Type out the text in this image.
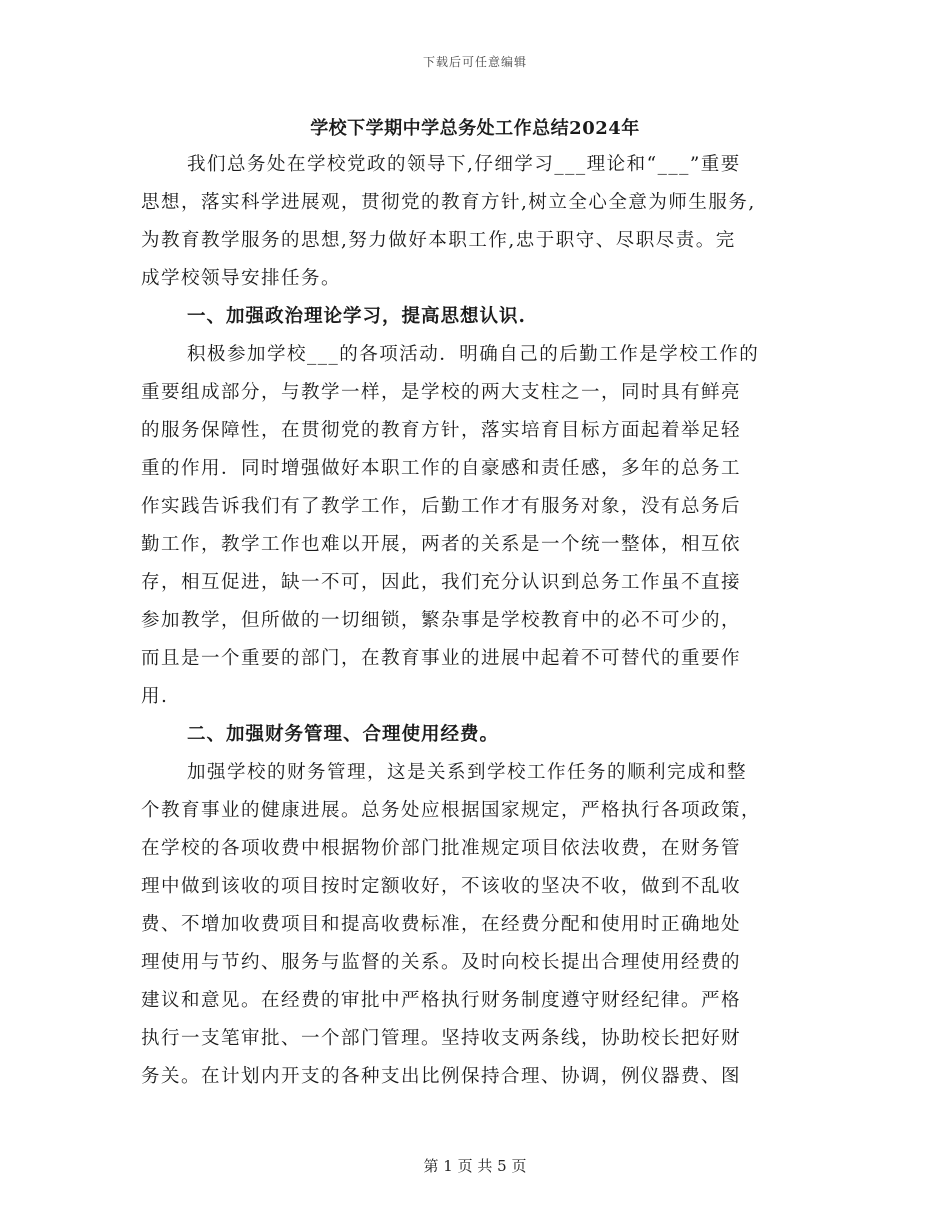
下载后可任意编辑
学校下学期中学总务处工作总结2024年
我们总务处在学校党政的领导下,仔细学习___理论和“___”重要
思想，落实科学进展观，贯彻党的教育方针,树立全心全意为师生服务,
为教育教学服务的思想,努力做好本职工作,忠于职守、尽职尽责。完
成学校领导安排任务。
一、加强政治理论学习，提高思想认识.
积极参加学校___的各项活动．明确自己的后勤工作是学校工作的
重要组成部分，与教学一样，是学校的两大支柱之一，同时具有鲜亮
的服务保障性，在贯彻党的教育方针，落实培育目标方面起着举足轻
重的作用．同时增强做好本职工作的自豪感和责任感，多年的总务工
作实践告诉我们有了教学工作，后勤工作才有服务对象，没有总务后
勤工作，教学工作也难以开展，两者的关系是一个统一整体，相互依
存，相互促进，缺一不可，因此，我们充分认识到总务工作虽不直接
参加教学，但所做的一切细锁，繁杂事是学校教育中的必不可少的，
而且是一个重要的部门，在教育事业的进展中起着不可替代的重要作
用.
二、加强财务管理、合理使用经费。
加强学校的财务管理，这是关系到学校工作任务的顺利完成和整
个教育事业的健康进展。总务处应根据国家规定，严格执行各项政策，
在学校的各项收费中根据物价部门批准规定项目依法收费，在财务管
理中做到该收的项目按时定额收好，不该收的坚决不收，做到不乱收
费、不增加收费项目和提高收费标准，在经费分配和使用时正确地处
理使用与节约、服务与监督的关系。及时向校长提出合理使用经费的
建议和意见。在经费的审批中严格执行财务制度遵守财经纪律。严格
执行一支笔审批、一个部门管理。坚持收支两条线，协助校长把好财
务关。在计划内开支的各种支出比例保持合理、协调，例仪器费、图
第 1 页 共 5 页
